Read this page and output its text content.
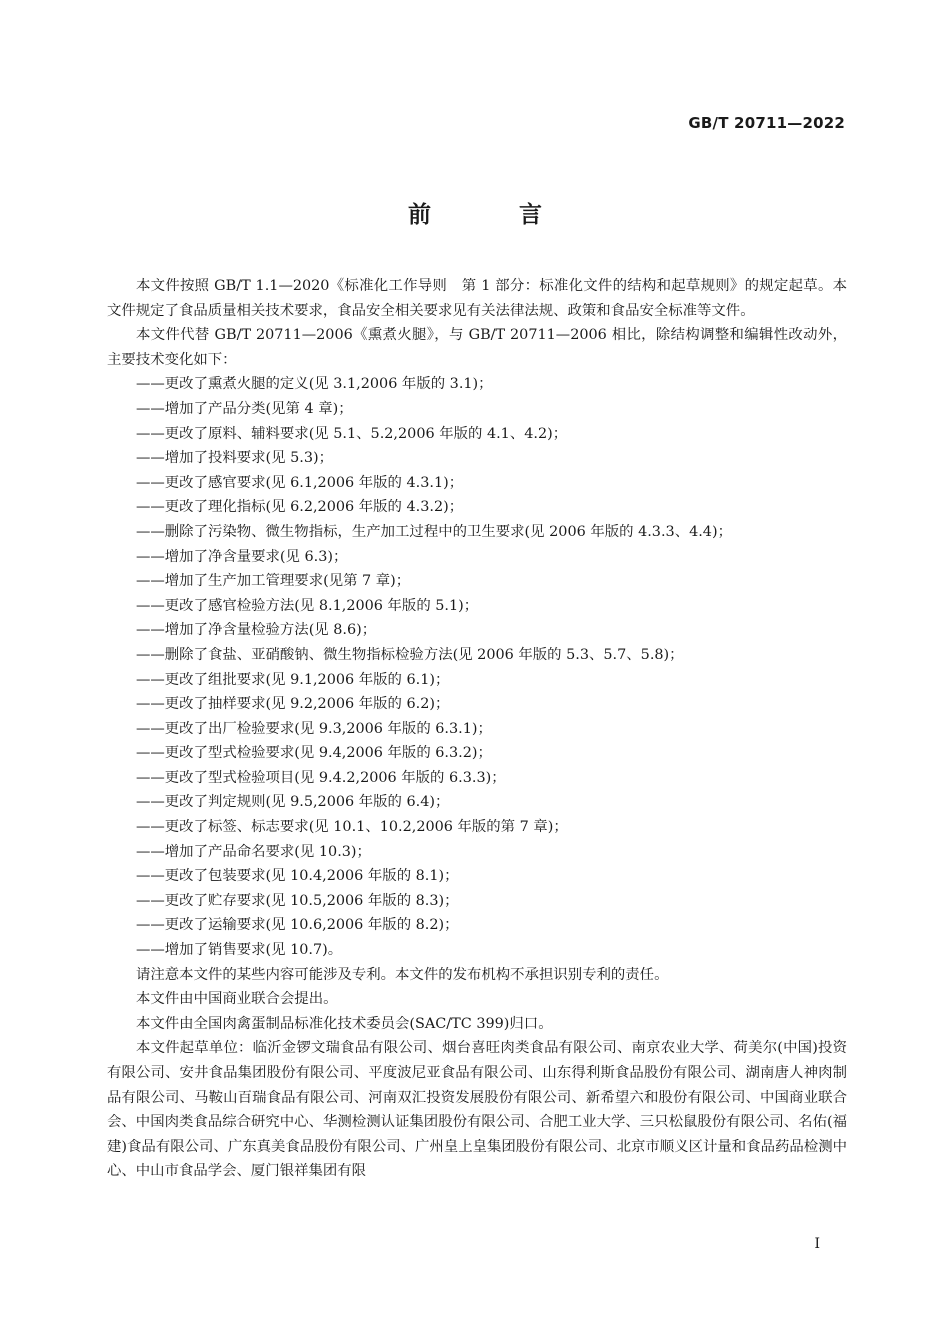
GB/T 20711—2022
前 言

本文件按照 GB/T 1.1—2020《标准化工作导则　第 1 部分：标准化文件的结构和起草规则》的规定起草。本文件规定了食品质量相关技术要求，食品安全相关要求见有关法律法规、政策和食品安全标准等文件。

本文件代替 GB/T 20711—2006《熏煮火腿》，与 GB/T 20711—2006 相比，除结构调整和编辑性改动外，主要技术变化如下：

——更改了熏煮火腿的定义(见 3.1,2006 年版的 3.1)；

——增加了产品分类(见第 4 章)；

——更改了原料、辅料要求(见 5.1、5.2,2006 年版的 4.1、4.2)；

——增加了投料要求(见 5.3)；

——更改了感官要求(见 6.1,2006 年版的 4.3.1)；

——更改了理化指标(见 6.2,2006 年版的 4.3.2)；

——删除了污染物、微生物指标，生产加工过程中的卫生要求(见 2006 年版的 4.3.3、4.4)；

——增加了净含量要求(见 6.3)；

——增加了生产加工管理要求(见第 7 章)；

——更改了感官检验方法(见 8.1,2006 年版的 5.1)；

——增加了净含量检验方法(见 8.6)；

——删除了食盐、亚硝酸钠、微生物指标检验方法(见 2006 年版的 5.3、5.7、5.8)；

——更改了组批要求(见 9.1,2006 年版的 6.1)；

——更改了抽样要求(见 9.2,2006 年版的 6.2)；

——更改了出厂检验要求(见 9.3,2006 年版的 6.3.1)；

——更改了型式检验要求(见 9.4,2006 年版的 6.3.2)；

——更改了型式检验项目(见 9.4.2,2006 年版的 6.3.3)；

——更改了判定规则(见 9.5,2006 年版的 6.4)；

——更改了标签、标志要求(见 10.1、10.2,2006 年版的第 7 章)；

——增加了产品命名要求(见 10.3)；

——更改了包装要求(见 10.4,2006 年版的 8.1)；

——更改了贮存要求(见 10.5,2006 年版的 8.3)；

——更改了运输要求(见 10.6,2006 年版的 8.2)；

——增加了销售要求(见 10.7)。

请注意本文件的某些内容可能涉及专利。本文件的发布机构不承担识别专利的责任。

本文件由中国商业联合会提出。

本文件由全国肉禽蛋制品标准化技术委员会(SAC/TC 399)归口。

本文件起草单位：临沂金锣文瑞食品有限公司、烟台喜旺肉类食品有限公司、南京农业大学、荷美尔(中国)投资有限公司、安井食品集团股份有限公司、平度波尼亚食品有限公司、山东得利斯食品股份有限公司、湖南唐人神肉制品有限公司、马鞍山百瑞食品有限公司、河南双汇投资发展股份有限公司、新希望六和股份有限公司、中国商业联合会、中国肉类食品综合研究中心、华测检测认证集团股份有限公司、合肥工业大学、三只松鼠股份有限公司、名佑(福建)食品有限公司、广东真美食品股份有限公司、广州皇上皇集团股份有限公司、北京市顺义区计量和食品药品检测中心、中山市食品学会、厦门银祥集团有限

I
